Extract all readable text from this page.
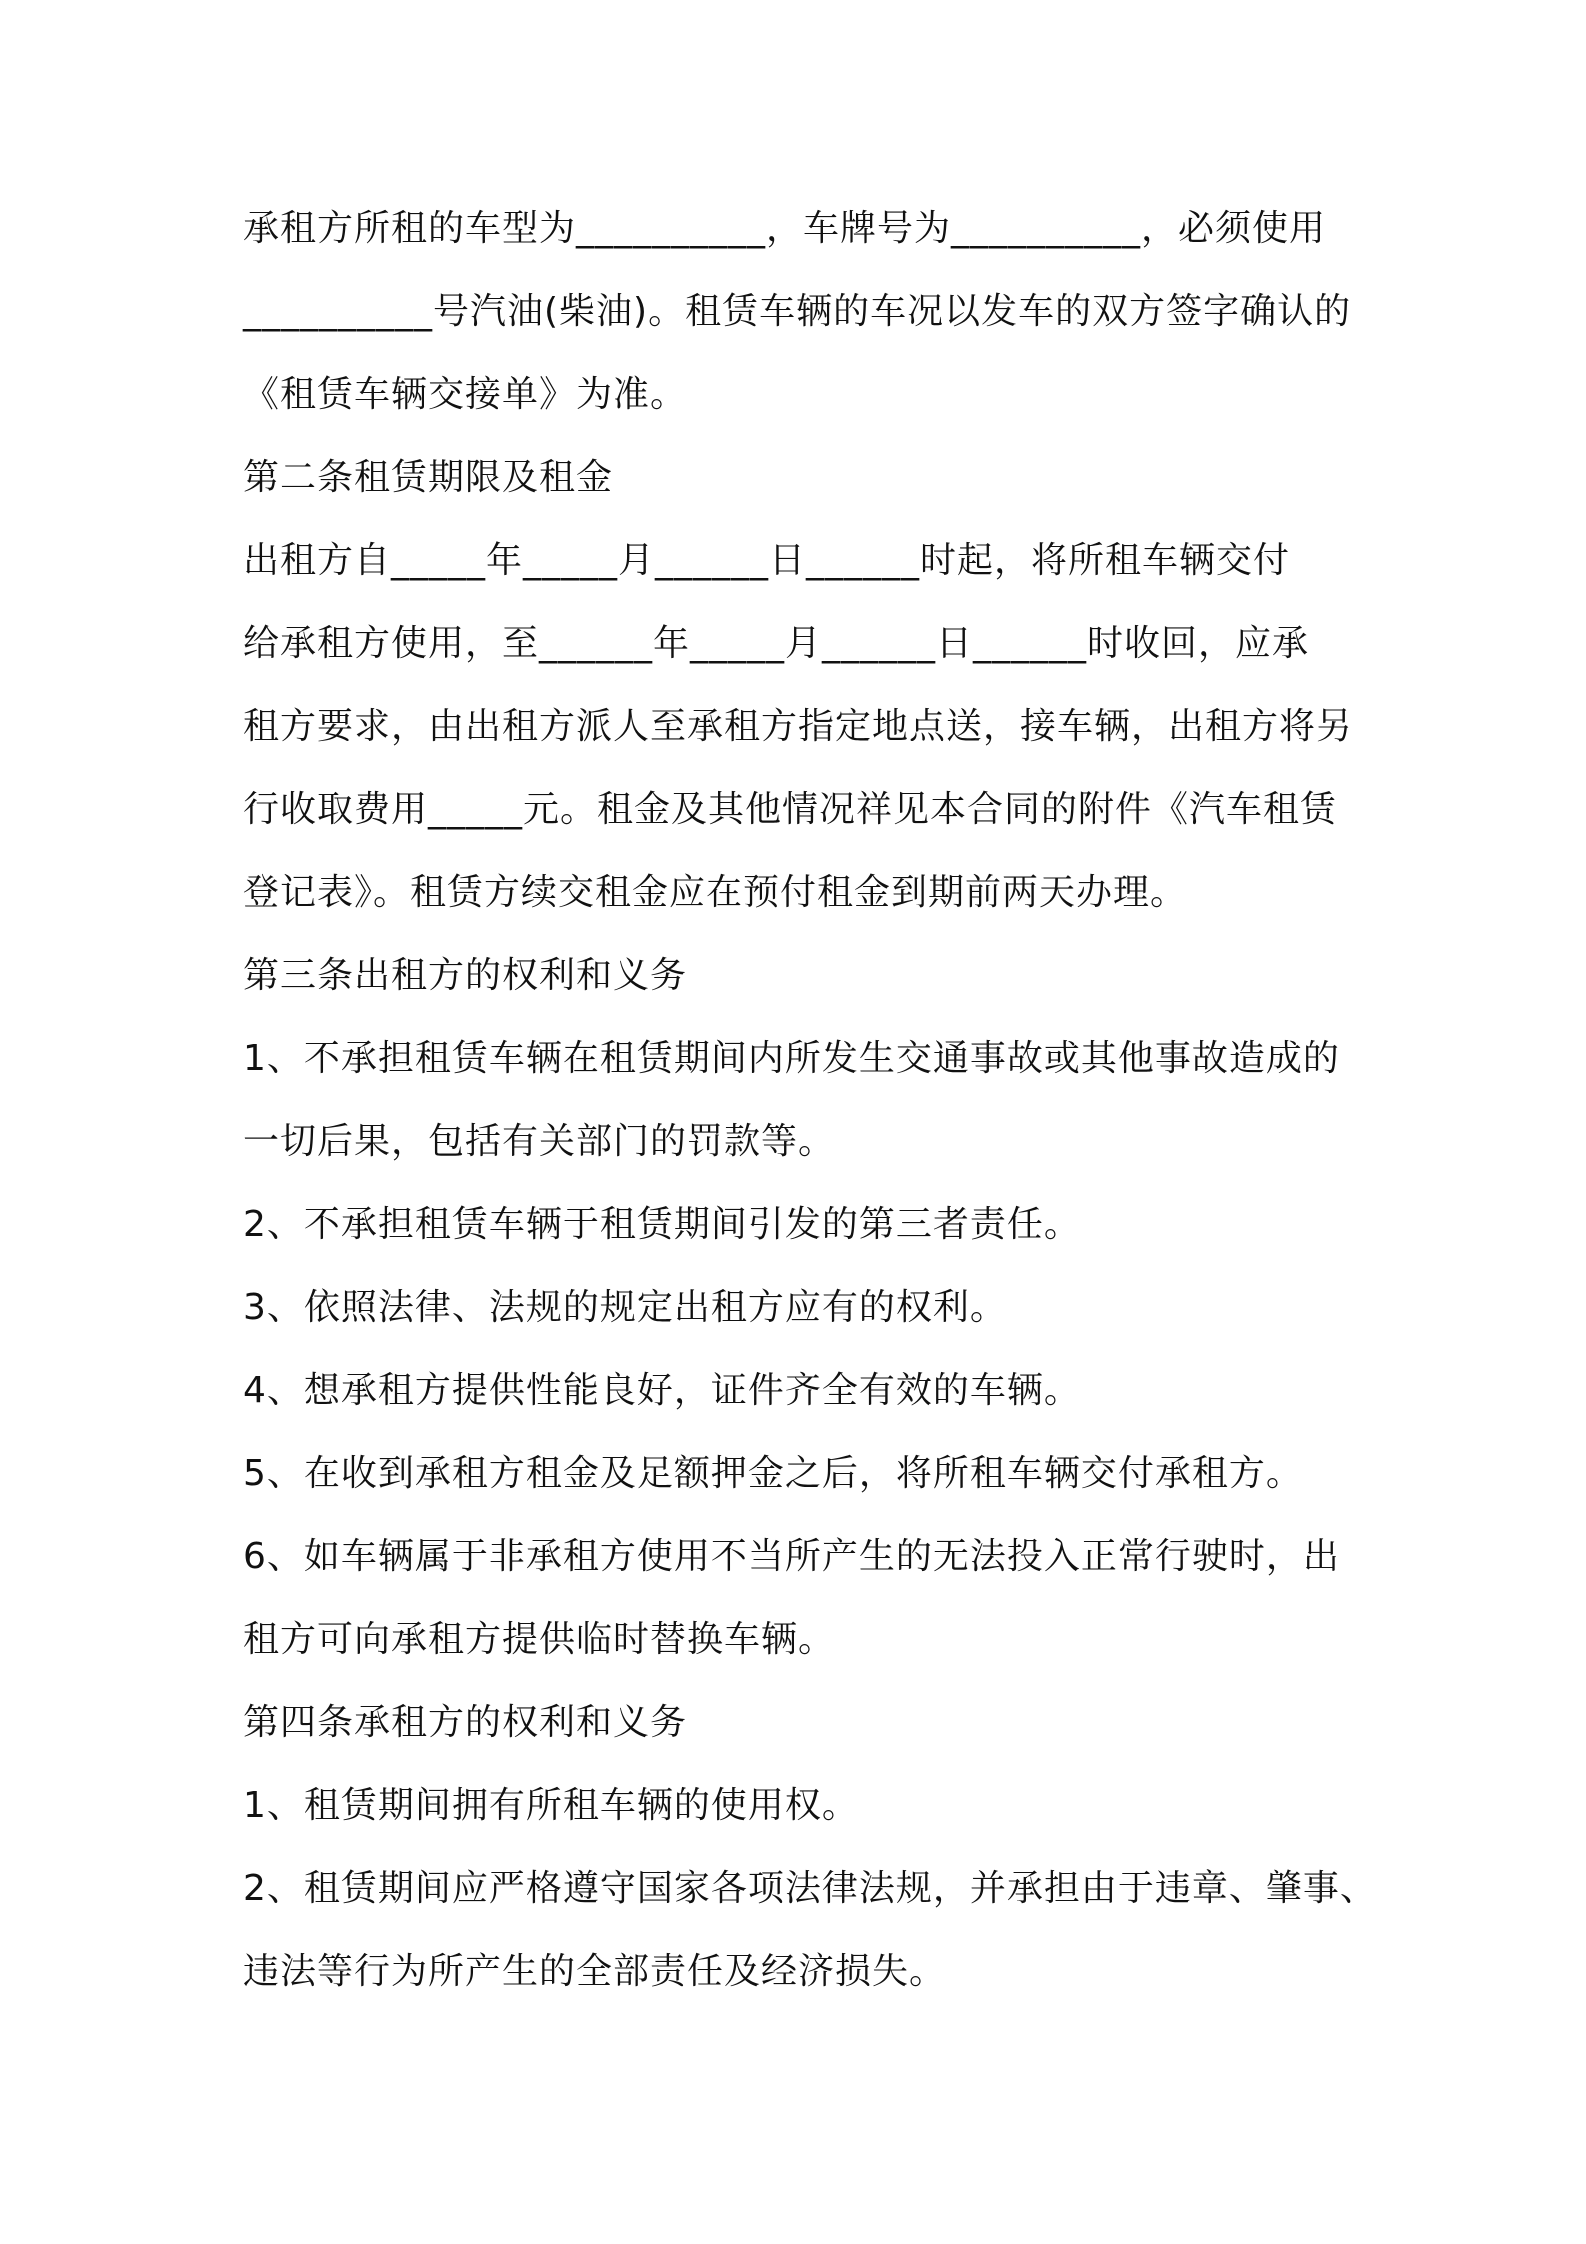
承租方所租的车型为__________，车牌号为__________，必须使用
__________号汽油(柴油)。租赁车辆的车况以发车的双方签字确认的
《租赁车辆交接单》为准。
第二条租赁期限及租金
出租方自_____年_____月______日______时起，将所租车辆交付
给承租方使用，至______年_____月______日______时收回，应承
租方要求，由出租方派人至承租方指定地点送，接车辆，出租方将另
行收取费用_____元。租金及其他情况祥见本合同的附件《汽车租赁
登记表》。租赁方续交租金应在预付租金到期前两天办理。
第三条出租方的权利和义务
1、不承担租赁车辆在租赁期间内所发生交通事故或其他事故造成的
一切后果，包括有关部门的罚款等。
2、不承担租赁车辆于租赁期间引发的第三者责任。
3、依照法律、法规的规定出租方应有的权利。
4、想承租方提供性能良好，证件齐全有效的车辆。
5、在收到承租方租金及足额押金之后，将所租车辆交付承租方。
6、如车辆属于非承租方使用不当所产生的无法投入正常行驶时，出
租方可向承租方提供临时替换车辆。
第四条承租方的权利和义务
1、租赁期间拥有所租车辆的使用权。
2、租赁期间应严格遵守国家各项法律法规，并承担由于违章、肇事、
违法等行为所产生的全部责任及经济损失。
